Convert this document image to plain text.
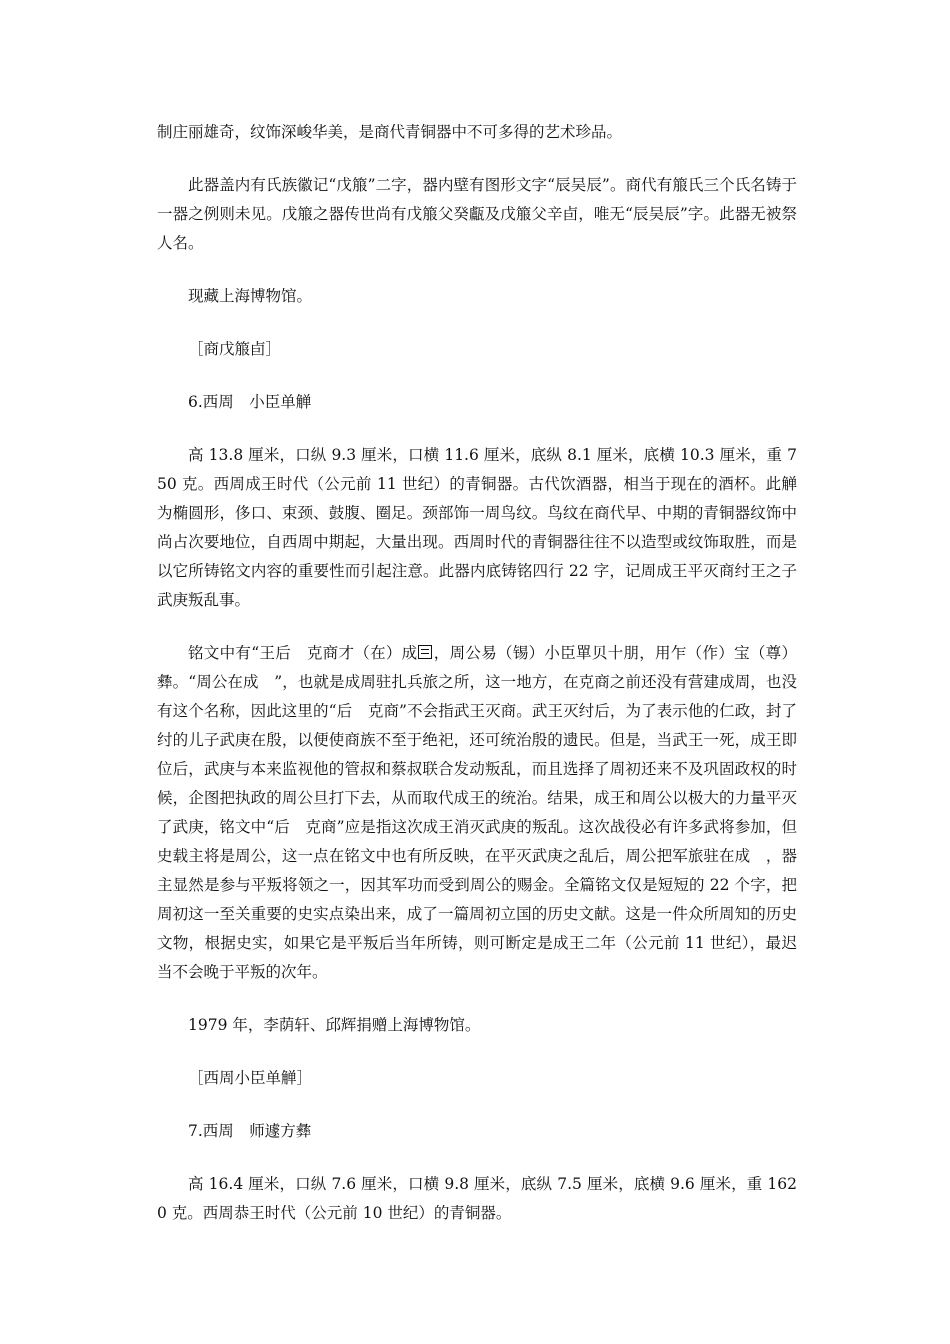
制庄丽雄奇，纹饰深峻华美，是商代青铜器中不可多得的艺术珍品。

此器盖内有氏族徽记“戊箙”二字，器内壁有图形文字“辰吴辰”。商代有箙氏三个氏名铸于一器之例则未见。戊箙之器传世尚有戊箙父癸甗及戊箙父辛卣，唯无“辰吴辰”字。此器无被祭人名。

现藏上海博物馆。

［商戊箙卣］

6.西周　小臣单觯

高 13.8 厘米，口纵 9.3 厘米，口横 11.6 厘米，底纵 8.1 厘米，底横 10.3 厘米，重 750 克。西周成王时代（公元前 11 世纪）的青铜器。古代饮酒器，相当于现在的酒杯。此觯为椭圆形，侈口、束颈、鼓腹、圈足。颈部饰一周鸟纹。鸟纹在商代早、中期的青铜器纹饰中尚占次要地位，自西周中期起，大量出现。西周时代的青铜器往往不以造型或纹饰取胜，而是以它所铸铭文内容的重要性而引起注意。此器内底铸铭四行 22 字，记周成王平灭商纣王之子武庚叛乱事。

铭文中有“王后　克商才（在）成 ，周公易（锡）小臣單贝十朋，用乍（作）宝（尊）彝。“周公在成　”，也就是成周驻扎兵旅之所，这一地方，在克商之前还没有营建成周，也没有这个名称，因此这里的“后　克商”不会指武王灭商。武王灭纣后，为了表示他的仁政，封了纣的儿子武庚在殷，以便使商族不至于绝祀，还可统治殷的遗民。但是，当武王一死，成王即位后，武庚与本来监视他的管叔和蔡叔联合发动叛乱，而且选择了周初还来不及巩固政权的时候，企图把执政的周公旦打下去，从而取代成王的统治。结果，成王和周公以极大的力量平灭了武庚，铭文中“后　克商”应是指这次成王消灭武庚的叛乱。这次战役必有许多武将参加，但史载主将是周公，这一点在铭文中也有所反映，在平灭武庚之乱后，周公把军旅驻在成　，器主显然是参与平叛将领之一，因其军功而受到周公的赐金。全篇铭文仅是短短的 22 个字，把周初这一至关重要的史实点染出来，成了一篇周初立国的历史文献。这是一件众所周知的历史文物，根据史实，如果它是平叛后当年所铸，则可断定是成王二年（公元前 11 世纪），最迟当不会晚于平叛的次年。

1979 年，李荫轩、邱辉捐赠上海博物馆。

［西周小臣单觯］

7.西周　师遽方彝

高 16.4 厘米，口纵 7.6 厘米，口横 9.8 厘米，底纵 7.5 厘米，底横 9.6 厘米，重 1620 克。西周恭王时代（公元前 10 世纪）的青铜器。
